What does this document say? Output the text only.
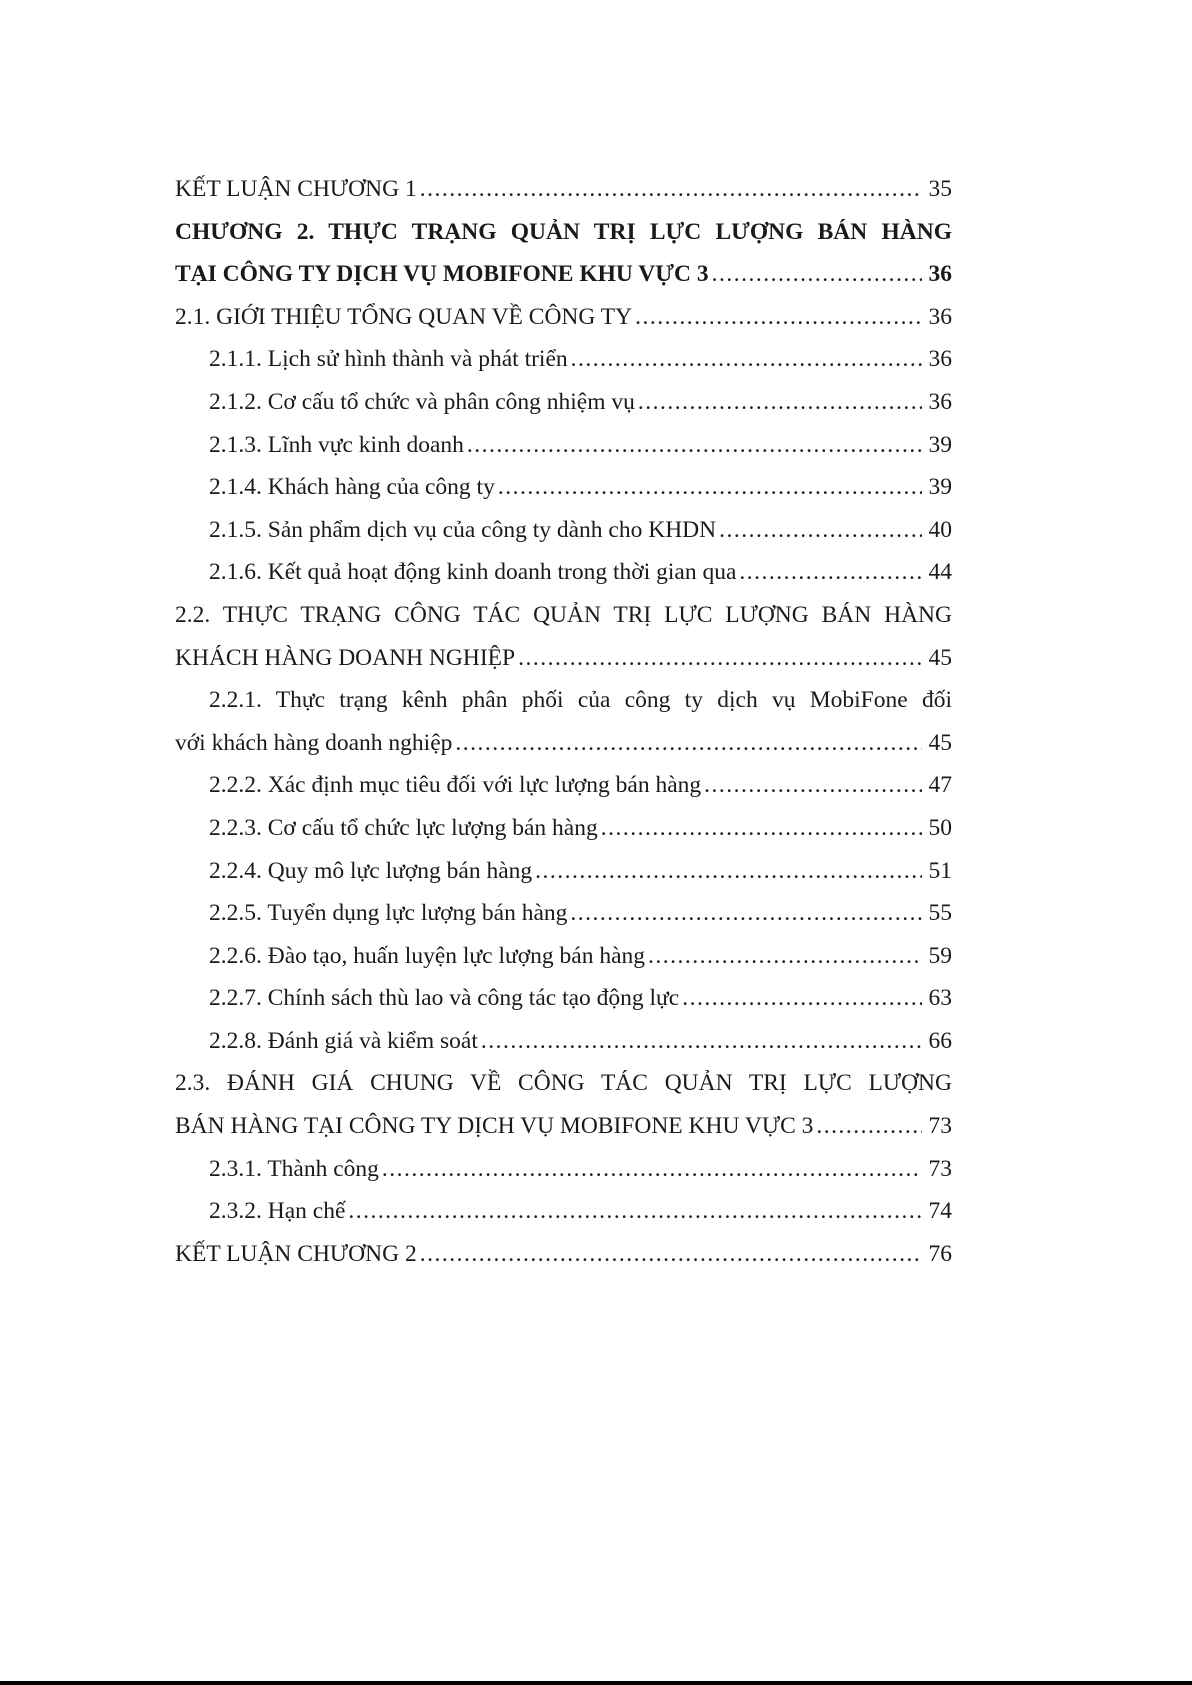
KẾT LUẬN CHƯƠNG 1 .....	35
CHƯƠNG 2. THỰC TRẠNG QUẢN TRỊ LỰC LƯỢNG BÁN HÀNG
TẠI CÔNG TY DỊCH VỤ MOBIFONE KHU VỰC 3 .....	36
2.1. GIỚI THIỆU TỔNG QUAN VỀ CÔNG TY .....	36
2.1.1. Lịch sử hình thành và phát triển .....	36
2.1.2. Cơ cấu tổ chức và phân công nhiệm vụ .....	36
2.1.3. Lĩnh vực kinh doanh .....	39
2.1.4. Khách hàng của công ty .....	39
2.1.5. Sản phẩm dịch vụ của công ty dành cho KHDN .....	40
2.1.6. Kết quả hoạt động kinh doanh trong thời gian qua .....	44
2.2. THỰC TRẠNG CÔNG TÁC QUẢN TRỊ LỰC LƯỢNG BÁN HÀNG
KHÁCH HÀNG DOANH NGHIỆP .....	45
2.2.1. Thực trạng kênh phân phối của công ty dịch vụ MobiFone đối
với khách hàng doanh nghiệp .....	45
2.2.2. Xác định mục tiêu đối với lực lượng bán hàng .....	47
2.2.3. Cơ cấu tổ chức lực lượng bán hàng .....	50
2.2.4. Quy mô lực lượng bán hàng .....	51
2.2.5. Tuyển dụng lực lượng bán hàng .....	55
2.2.6. Đào tạo, huấn luyện lực lượng bán hàng .....	59
2.2.7. Chính sách thù lao và công tác tạo động lực .....	63
2.2.8. Đánh giá và kiểm soát .....	66
2.3. ĐÁNH GIÁ CHUNG VỀ CÔNG TÁC QUẢN TRỊ LỰC LƯỢNG
BÁN HÀNG TẠI CÔNG TY DỊCH VỤ MOBIFONE KHU VỰC 3 .....	73
2.3.1. Thành công .....	73
2.3.2. Hạn chế .....	74
KẾT LUẬN CHƯƠNG 2 .....	76
